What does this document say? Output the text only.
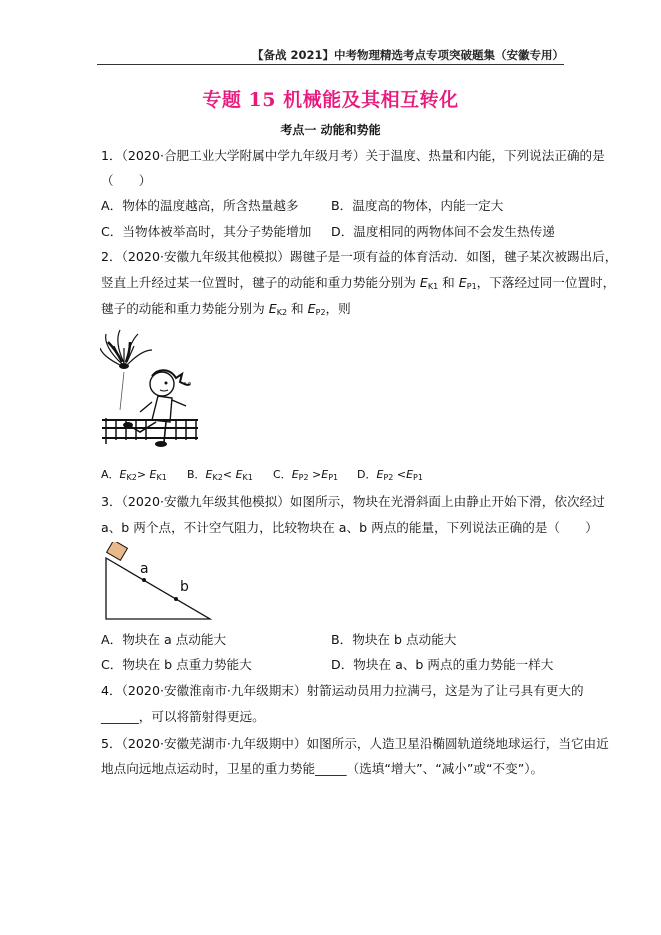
【备战 2021】中考物理精选考点专项突破题集（安徽专用）
专题 15 机械能及其相互转化
考点一 动能和势能
1．（2020·合肥工业大学附属中学九年级月考）关于温度、热量和内能，下列说法正确的是
（　　）
A．物体的温度越高，所含热量越多	B．温度高的物体，内能一定大
C．当物体被举高时，其分子势能增加 D．温度相同的两物体间不会发生热传递
2．（2020·安徽九年级其他模拟）踢毽子是一项有益的体育活动．如图，毽子某次被踢出后，
竖直上升经过某一位置时，毽子的动能和重力势能分别为 $E_{K1}$ 和 $E_{P1}$，下落经过同一位置时，
毽子的动能和重力势能分别为 $E_{K2}$ 和 $E_{P2}$，则
∘∘
A．$E_{K2}> E_{K1}$ B．$E_{K2}< E_{K1}$ C．$E_{P2} >E_{P1}$ D．$E_{P2} <E_{P1}$
3．（2020·安徽九年级其他模拟）如图所示，物块在光滑斜面上由静止开始下滑，依次经过
a、b 两个点，不计空气阻力，比较物块在 a、b 两点的能量，下列说法正确的是（　　）
a
b
A．物块在 a 点动能大	B．物块在 b 点动能大
C．物块在 b 点重力势能大	D．物块在 a、b 两点的重力势能一样大
4．（2020·安徽淮南市·九年级期末）射箭运动员用力拉满弓，这是为了让弓具有更大的
______，可以将箭射得更远。
5．（2020·安徽芜湖市·九年级期中）如图所示，人造卫星沿椭圆轨道绕地球运行，当它由近
地点向远地点运动时，卫星的重力势能_____（选填“增大”、“减小”或“不变”）。
